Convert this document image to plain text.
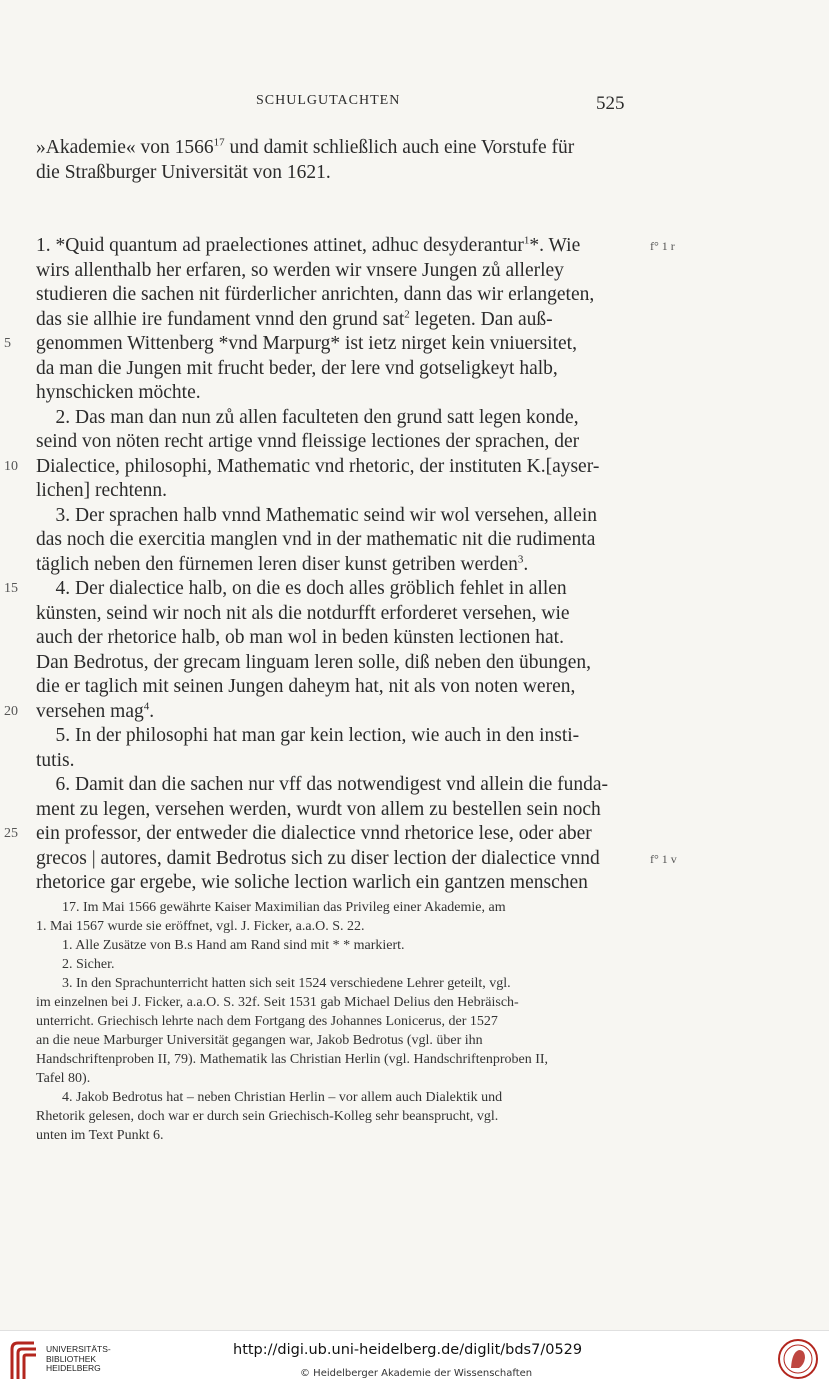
SCHULGUTACHTEN	525
»Akademie« von 1566$^{17}$ und damit schließlich auch eine Vorstufe für
die Straßburger Universität von 1621.
1. *Quid quantum ad praelectiones attinet, adhuc desyderantur$^1$*. Wie	f° 1 r
wirs allenthalb her erfaren, so werden wir vnsere Jungen zů allerley
studieren die sachen nit fürderlicher anrichten, dann das wir erlangeten,
das sie allhie ire fundament vnnd den grund sat$^2$ legeten. Dan auß-
5	genommen Wittenberg *vnd Marpurg* ist ietz nirget kein vniuersitet,
da man die Jungen mit frucht beder, der lere vnd gotseligkeyt halb,
hynschicken möchte.
2. Das man dan nun zů allen faculteten den grund satt legen konde,
seind von nöten recht artige vnnd fleissige lectiones der sprachen, der
10 Dialectice, philosophi, Mathematic vnd rhetoric, der instituten K.[ayser-
lichen] rechtenn.
3. Der sprachen halb vnnd Mathematic seind wir wol versehen, allein
das noch die exercitia manglen vnd in der mathematic nit die rudimenta
täglich neben den fürnemen leren diser kunst getriben werden$^3$.
15 4. Der dialectice halb, on die es doch alles gröblich fehlet in allen
künsten, seind wir noch nit als die notdurfft erforderet versehen, wie
auch der rhetorice halb, ob man wol in beden künsten lectionen hat.
Dan Bedrotus, der grecam linguam leren solle, diß neben den übungen,
die er taglich mit seinen Jungen daheym hat, nit als von noten weren,
20 versehen mag$^4$.
5. In der philosophi hat man gar kein lection, wie auch in den insti-
tutis.
6. Damit dan die sachen nur vff das notwendigest vnd allein die funda-
ment zu legen, versehen werden, wurdt von allem zu bestellen sein noch
25 ein professor, der entweder die dialectice vnnd rhetorice lese, oder aber
grecos | autores, damit Bedrotus sich zu diser lection der dialectice vnnd	f° 1 v
rhetorice gar ergebe, wie soliche lection warlich ein gantzen menschen

17. Im Mai 1566 gewährte Kaiser Maximilian das Privileg einer Akademie, am

1. Mai 1567 wurde sie eröffnet, vgl. J. Ficker, a.a.O. S. 22.

1. Alle Zusätze von B.s Hand am Rand sind mit * * markiert.

2. Sicher.

3. In den Sprachunterricht hatten sich seit 1524 verschiedene Lehrer geteilt, vgl.

im einzelnen bei J. Ficker, a.a.O. S. 32f. Seit 1531 gab Michael Delius den Hebräisch-

unterricht. Griechisch lehrte nach dem Fortgang des Johannes Lonicerus, der 1527

an die neue Marburger Universität gegangen war, Jakob Bedrotus (vgl. über ihn

Handschriftenproben II, 79). Mathematik las Christian Herlin (vgl. Handschriftenproben II,

Tafel 80).

4. Jakob Bedrotus hat – neben Christian Herlin – vor allem auch Dialektik und

Rhetorik gelesen, doch war er durch sein Griechisch-Kolleg sehr beansprucht, vgl.

unten im Text Punkt 6.

UNIVERSITÄTS-
BIBLIOTHEK
HEIDELBERG
http://digi.ub.uni-heidelberg.de/diglit/bds7/0529
© Heidelberger Akademie der Wissenschaften
